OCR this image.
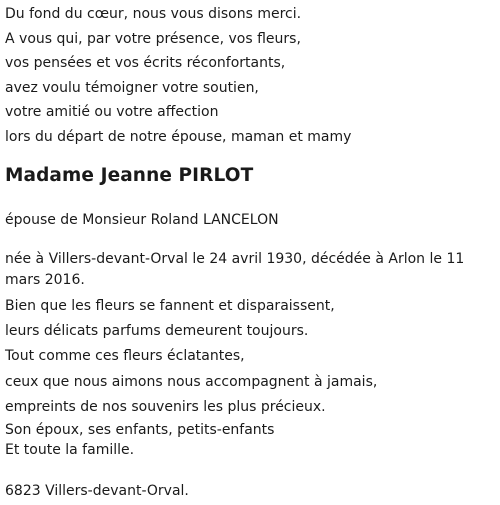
Du fond du cœur, nous vous disons merci.
A vous qui, par votre présence, vos fleurs,
vos pensées et vos écrits réconfortants,
avez voulu témoigner votre soutien,
votre amitié ou votre affection
lors du départ de notre épouse, maman et mamy
Madame Jeanne PIRLOT
épouse de Monsieur Roland LANCELON
née à Villers-devant-Orval le 24 avril 1930, décédée à Arlon le 11 mars 2016.
Bien que les fleurs se fannent et disparaissent,
leurs délicats parfums demeurent toujours.
Tout comme ces fleurs éclatantes,
ceux que nous aimons nous accompagnent à jamais,
empreints de nos souvenirs les plus précieux.
Son époux, ses enfants, petits-enfants
Et toute la famille.
6823 Villers-devant-Orval.
